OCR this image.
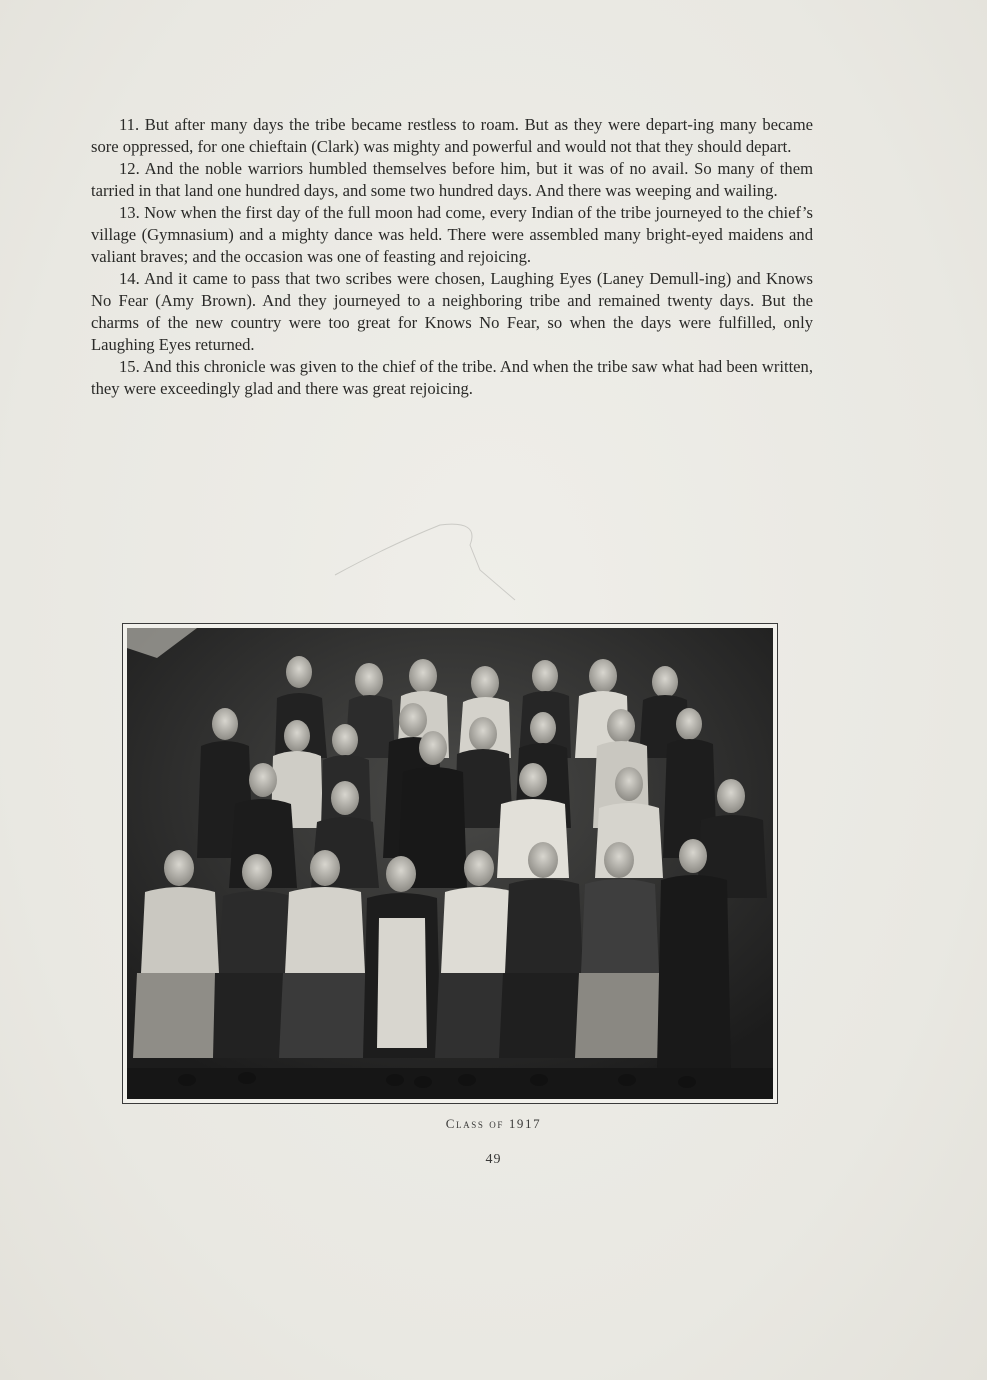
11. But after many days the tribe became restless to roam. But as they were depart-ing many became sore oppressed, for one chieftain (Clark) was mighty and powerful and would not that they should depart.

12. And the noble warriors humbled themselves before him, but it was of no avail. So many of them tarried in that land one hundred days, and some two hundred days. And there was weeping and wailing.

13. Now when the first day of the full moon had come, every Indian of the tribe journeyed to the chief’s village (Gymnasium) and a mighty dance was held. There were assembled many bright-eyed maidens and valiant braves; and the occasion was one of feasting and rejoicing.

14. And it came to pass that two scribes were chosen, Laughing Eyes (Laney Demull-ing) and Knows No Fear (Amy Brown). And they journeyed to a neighboring tribe and remained twenty days. But the charms of the new country were too great for Knows No Fear, so when the days were fulfilled, only Laughing Eyes returned.

15. And this chronicle was given to the chief of the tribe. And when the tribe saw what had been written, they were exceedingly glad and there was great rejoicing.

Class of 1917
49
